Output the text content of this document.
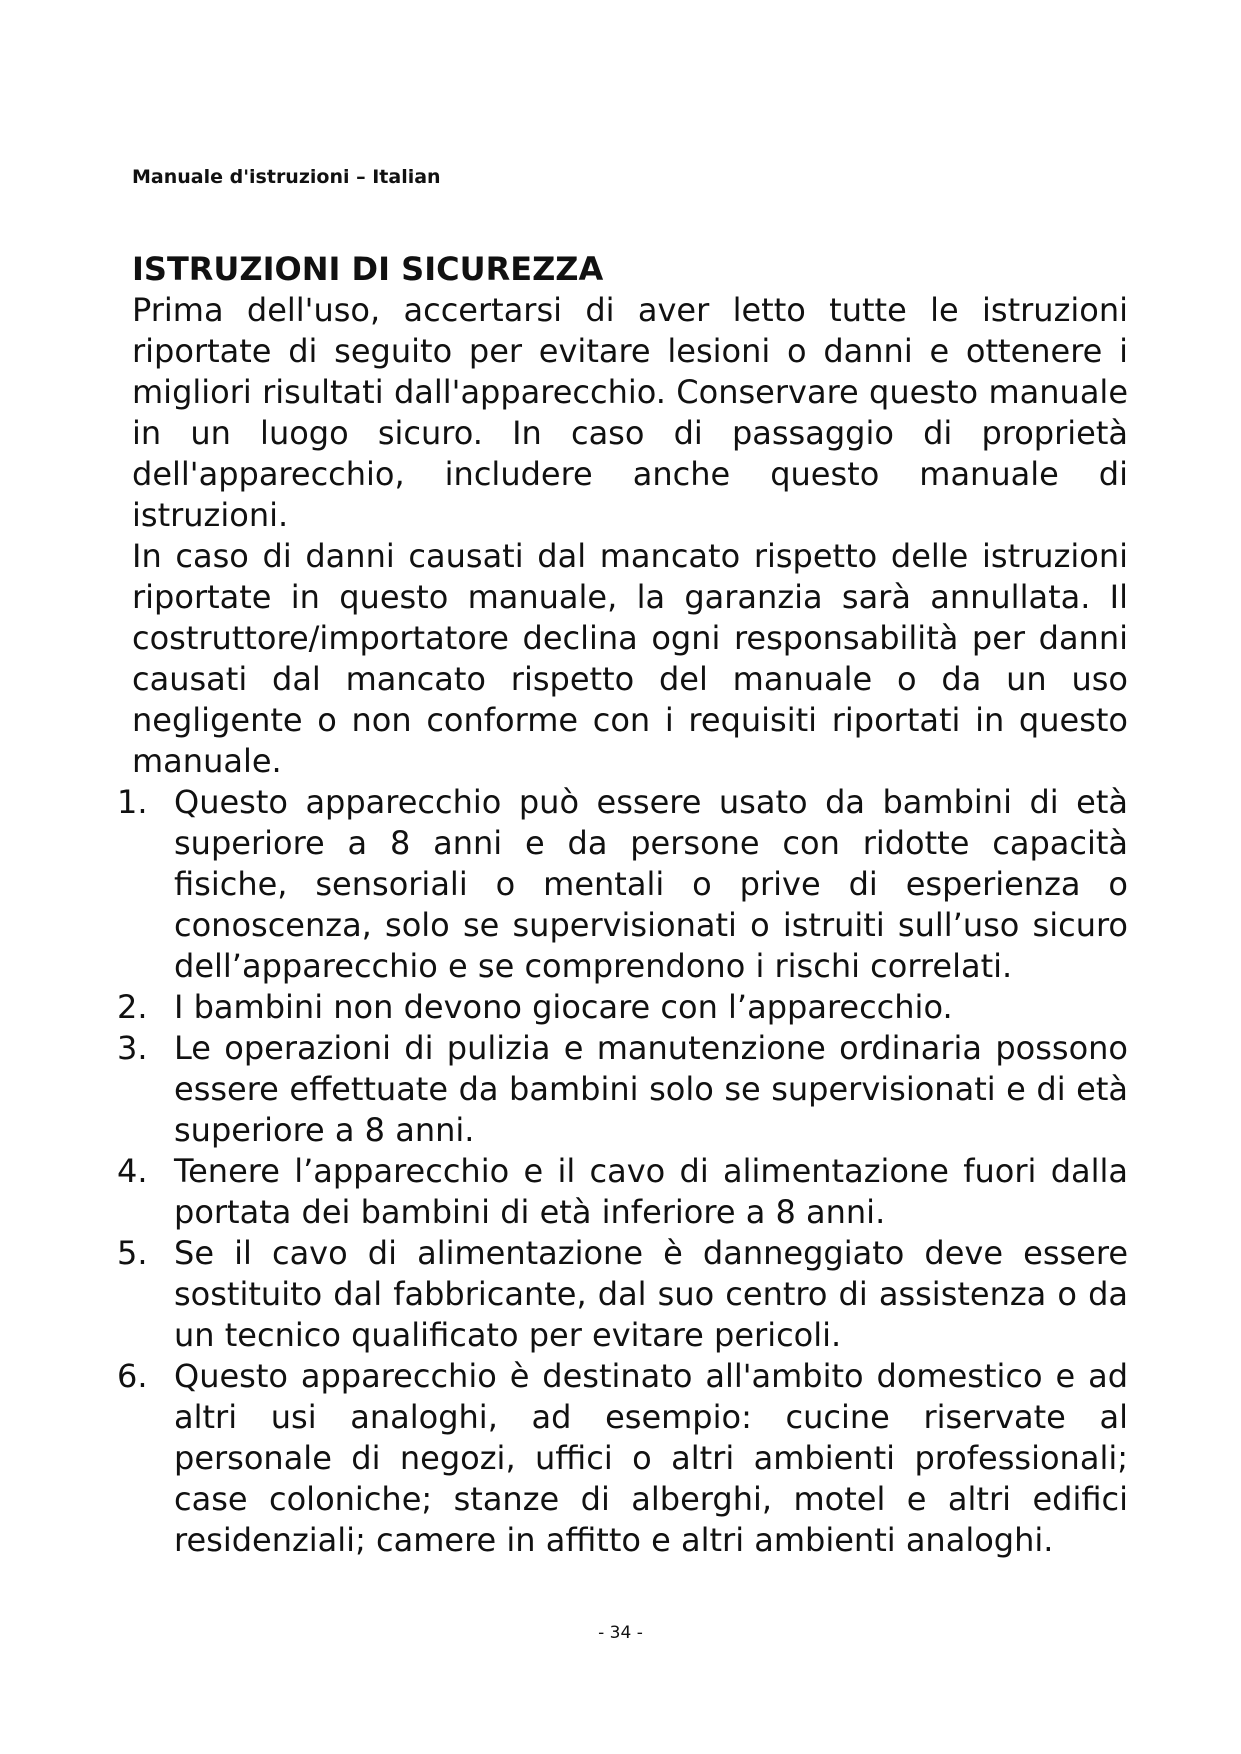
Manuale d'istruzioni – Italian
ISTRUZIONI DI SICUREZZA

Prima dell'uso, accertarsi di aver letto tutte le istruzioni riportate di seguito per evitare lesioni o danni e ottenere i migliori risultati dall'apparecchio. Conservare questo manuale in un luogo sicuro. In caso di passaggio di proprietà dell'apparecchio, includere anche questo manuale di istruzioni.

In caso di danni causati dal mancato rispetto delle istruzioni riportate in questo manuale, la garanzia sarà annullata. Il costruttore/importatore declina ogni responsabilità per danni causati dal mancato rispetto del manuale o da un uso negligente o non conforme con i requisiti riportati in questo manuale.

1. Questo apparecchio può essere usato da bambini di età superiore a 8 anni e da persone con ridotte capacità fisiche, sensoriali o mentali o prive di esperienza o conoscenza, solo se supervisionati o istruiti sull’uso sicuro dell’apparecchio e se comprendono i rischi correlati.
2. I bambini non devono giocare con l’apparecchio.
3. Le operazioni di pulizia e manutenzione ordinaria possono essere effettuate da bambini solo se supervisionati e di età superiore a 8 anni.
4. Tenere l’apparecchio e il cavo di alimentazione fuori dalla portata dei bambini di età inferiore a 8 anni.
5. Se il cavo di alimentazione è danneggiato deve essere sostituito dal fabbricante, dal suo centro di assistenza o da un tecnico qualificato per evitare pericoli.
6. Questo apparecchio è destinato all'ambito domestico e ad altri usi analoghi, ad esempio: cucine riservate al personale di negozi, uffici o altri ambienti professionali; case coloniche; stanze di alberghi, motel e altri edifici residenziali; camere in affitto e altri ambienti analoghi.
- 34 -
